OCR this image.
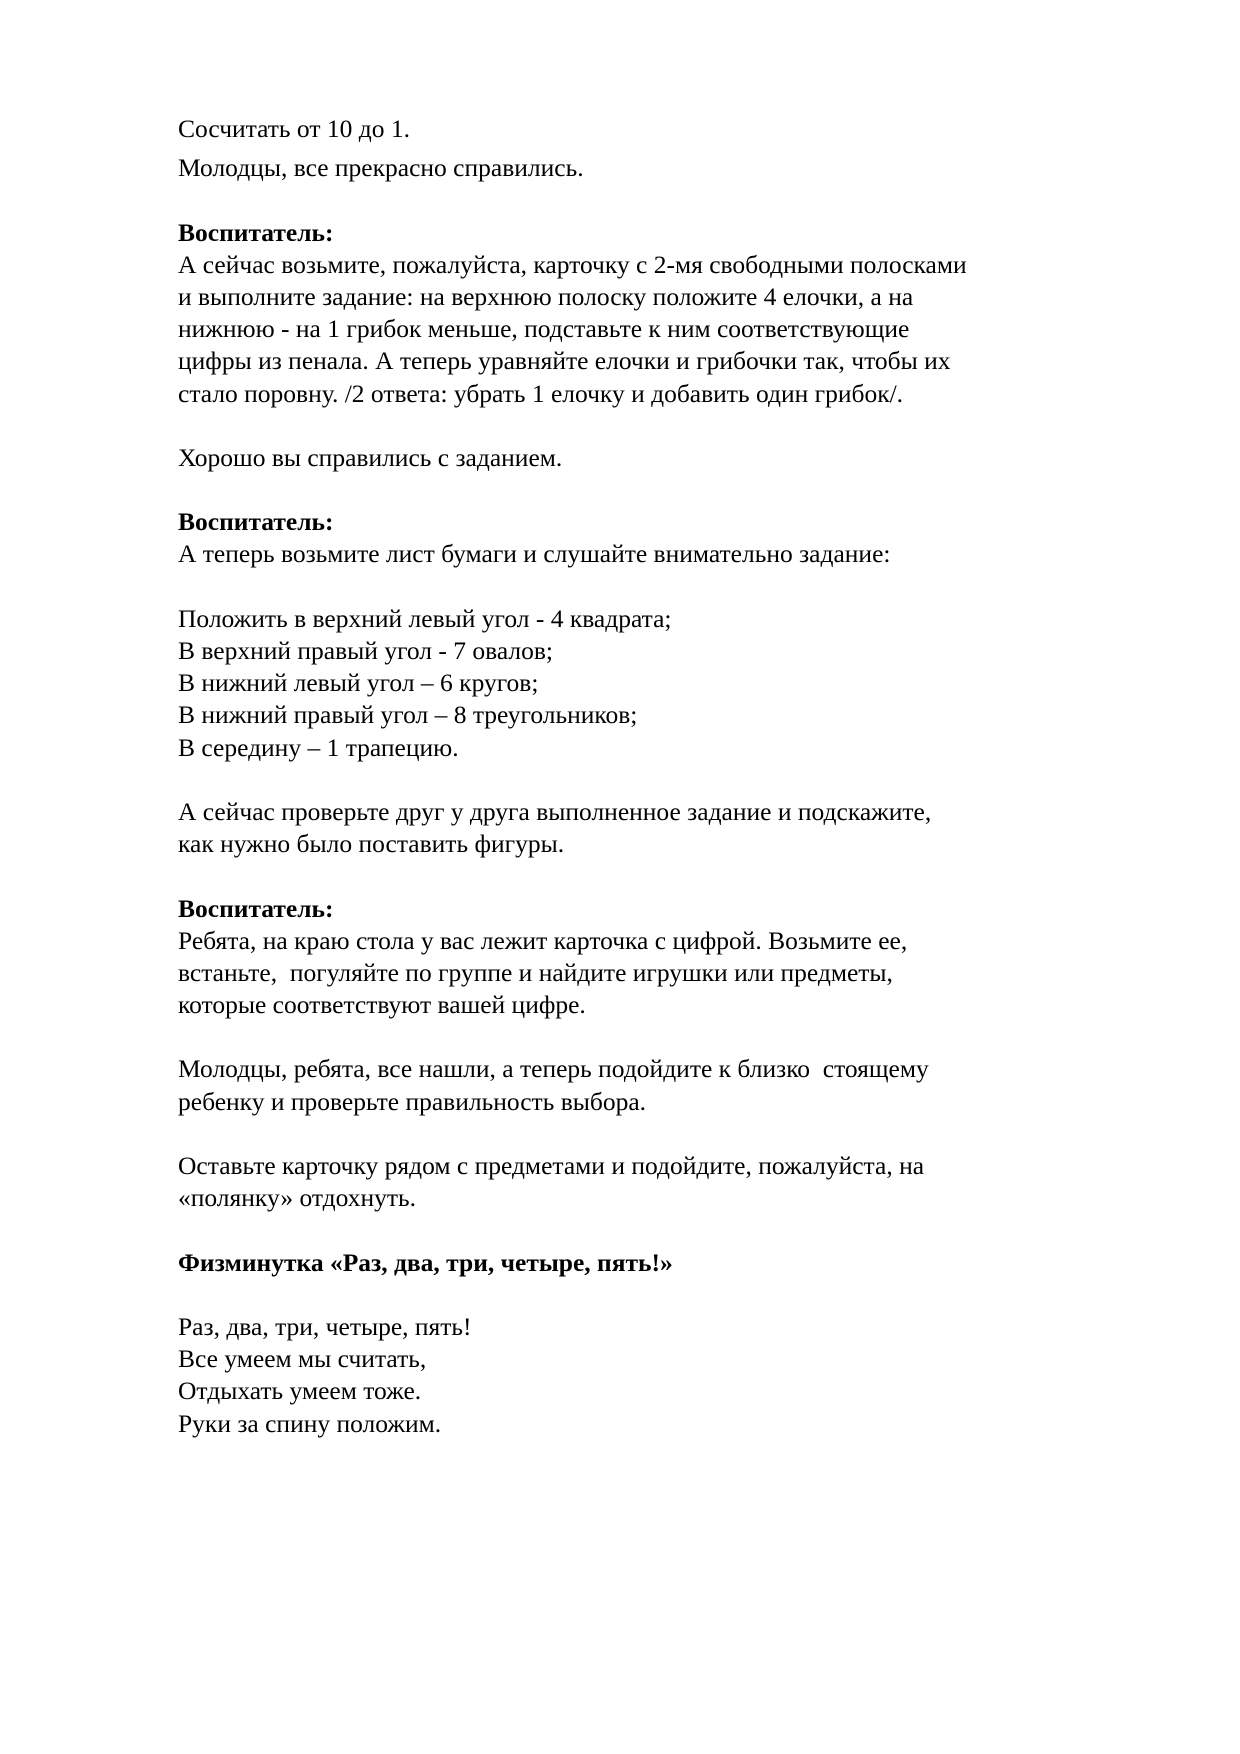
Сосчитать от 10 до 1.
Молодцы, все прекрасно справились.
Воспитатель:
А сейчас возьмите, пожалуйста, карточку с 2-мя свободными полосками
и выполните задание: на верхнюю полоску положите 4 елочки, а на
нижнюю - на 1 грибок меньше, подставьте к ним соответствующие
цифры из пенала. А теперь уравняйте елочки и грибочки так, чтобы их
стало поровну. /2 ответа: убрать 1 елочку и добавить один грибок/.
Хорошо вы справились с заданием.
Воспитатель:
А теперь возьмите лист бумаги и слушайте внимательно задание:
Положить в верхний левый угол - 4 квадрата;
В верхний правый угол - 7 овалов;
В нижний левый угол – 6 кругов;
В нижний правый угол – 8 треугольников;
В середину – 1 трапецию.
А сейчас проверьте друг у друга выполненное задание и подскажите,
как нужно было поставить фигуры.
Воспитатель:
Ребята, на краю стола у вас лежит карточка с цифрой. Возьмите ее,
встаньте,  погуляйте по группе и найдите игрушки или предметы,
которые соответствуют вашей цифре.
Молодцы, ребята, все нашли, а теперь подойдите к близко  стоящему
ребенку и проверьте правильность выбора.
Оставьте карточку рядом с предметами и подойдите, пожалуйста, на
«полянку» отдохнуть.
Физминутка «Раз, два, три, четыре, пять!»
Раз, два, три, четыре, пять!
Все умеем мы считать,
Отдыхать умеем тоже.
Руки за спину положим.
